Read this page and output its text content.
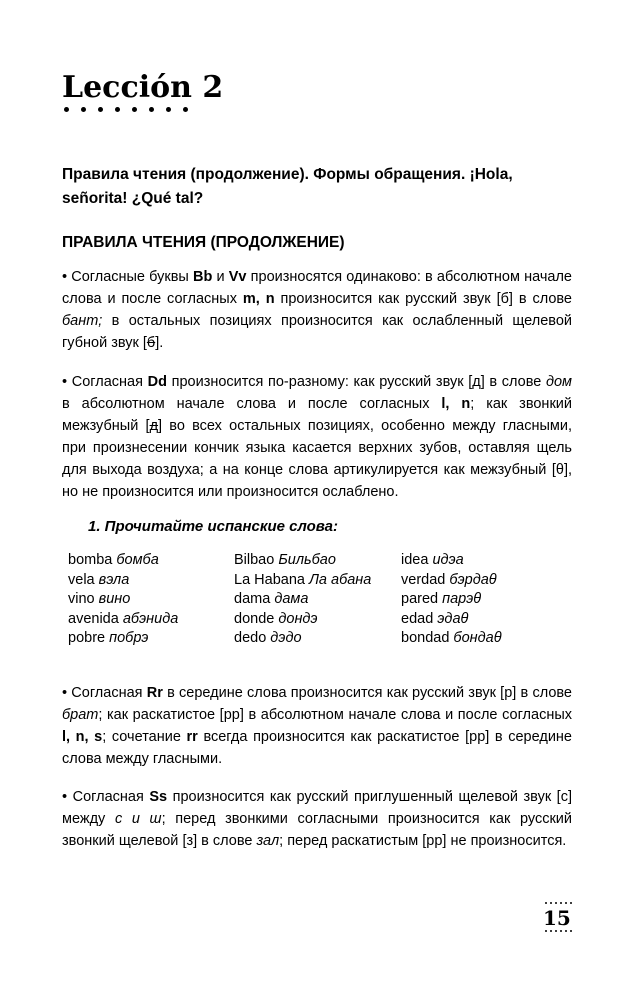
Lección 2

Правила чтения (продолжение). Формы обращения. ¡Hola, señorita! ¿Qué tal?

ПРАВИЛА ЧТЕНИЯ (ПРОДОЛЖЕНИЕ)

• Согласные буквы Bb и Vv произносятся одинаково: в абсолютном начале слова и после согласных m, n произносится как русский звук [б] в слове бант; в остальных позициях произносится как ослабленный щелевой губной звук [б].

• Согласная Dd произносится по-разному: как русский звук [д] в слове дом в абсолютном начале слова и после согласных l, n; как звонкий межзубный [д] во всех остальных позициях, особенно между гласными, при произнесении кончик языка касается верхних зубов, оставляя щель для выхода воздуха; а на конце слова артикулируется как межзубный [θ], но не произносится или произносится ослаблено.

1. Прочитайте испанские слова:

bomba бомба
vela вэла
vino вино
avenida абэнида
pobre побрэ
Bilbao Бильбао
La Habana Ла абана
dama дама
donde дондэ
dedo дэдо
idea идэа
verdad бэрдаθ
pared парэθ
edad эдаθ
bondad бондаθ

• Согласная Rr в середине слова произносится как русский звук [р] в слове брат; как раскатистое [рр] в абсолютном начале слова и после согласных l, n, s; сочетание rr всегда произносится как раскатистое [рр] в середине слова между гласными.

• Согласная Ss произносится как русский приглушенный щелевой звук [с] между с и ш; перед звонкими согласными произносится как русский звонкий щелевой [з] в слове зал; перед раскатистым [рр] не произносится.

15
